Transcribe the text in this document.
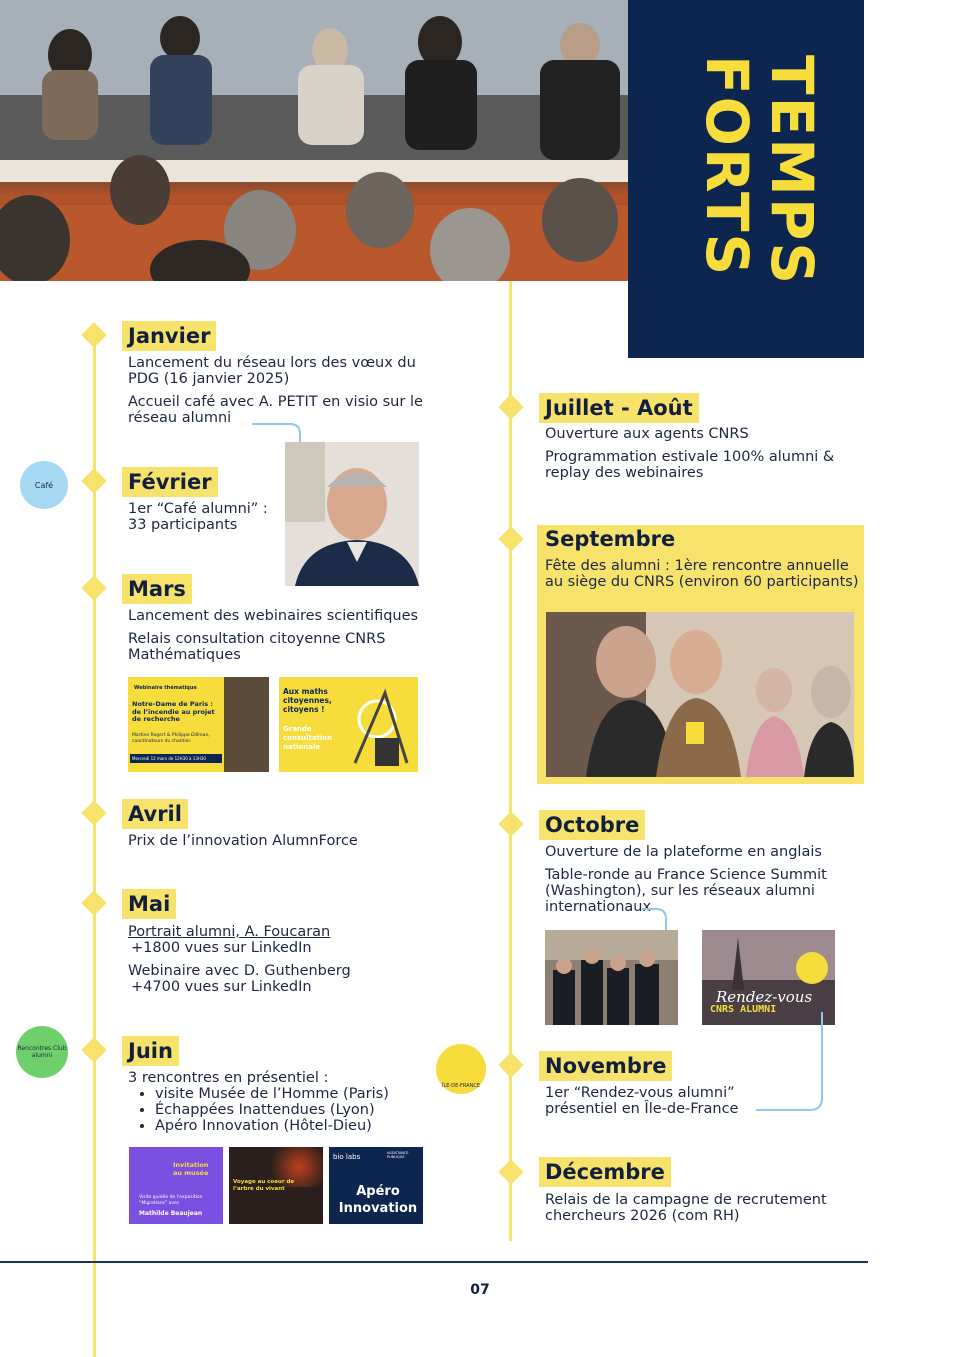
TEMPS
FORTS
Janvier

Lancement du réseau lors des vœux du PDG (16 janvier 2025)

Accueil café avec A. PETIT en visio sur le réseau alumni

Café	Février

1er “Café alumni” : 33 participants

Mars

Lancement des webinaires scientifiques

Relais consultation citoyenne CNRS Mathématiques

Webinaire thématique
Notre-Dame de Paris : de l’incendie au projet de recherche
Martine Regert & Philippe Dillman, coordinateurs du chantier.
Mercredi 12 mars de 12H30 à 13H30
Aux maths citoyennes, citoyens !
Grande consultation nationale
Avril

Prix de l’innovation AlumnForce

Mai
Portrait alumni, A. Foucaran

+1800 vues sur LinkedIn

Webinaire avec D. Guthenberg

+4700 vues sur LinkedIn

Rencontres Club alumni	Juin
3 rencontres en présentiel :
• visite Musée de l’Homme (Paris)
• Échappées Inattendues (Lyon)
• Apéro Innovation (Hôtel-Dieu)
Invitation au musée
Visite guidée de l’exposition “Migrations” avec
Mathilde Beaujean
Voyage au coeur de l’arbre du vivant
bio labs	ASSISTANCE PUBLIQUE
Apéro Innovation
Juillet - Août

Ouverture aux agents CNRS

Programmation estivale 100% alumni & replay des webinaires

Septembre

Fête des alumni : 1ère rencontre annuelle au siège du CNRS (environ 60 participants)

Octobre

Ouverture de la plateforme en anglais

Table-ronde au France Science Summit (Washington), sur les réseaux alumni internationaux

Rendez-vous
CNRS ALUMNI
ÎLE-DE-FRANCE
Novembre

1er “Rendez-vous alumni” présentiel en Île-de-France

Décembre

Relais de la campagne de recrutement chercheurs 2026 (com RH)

07
